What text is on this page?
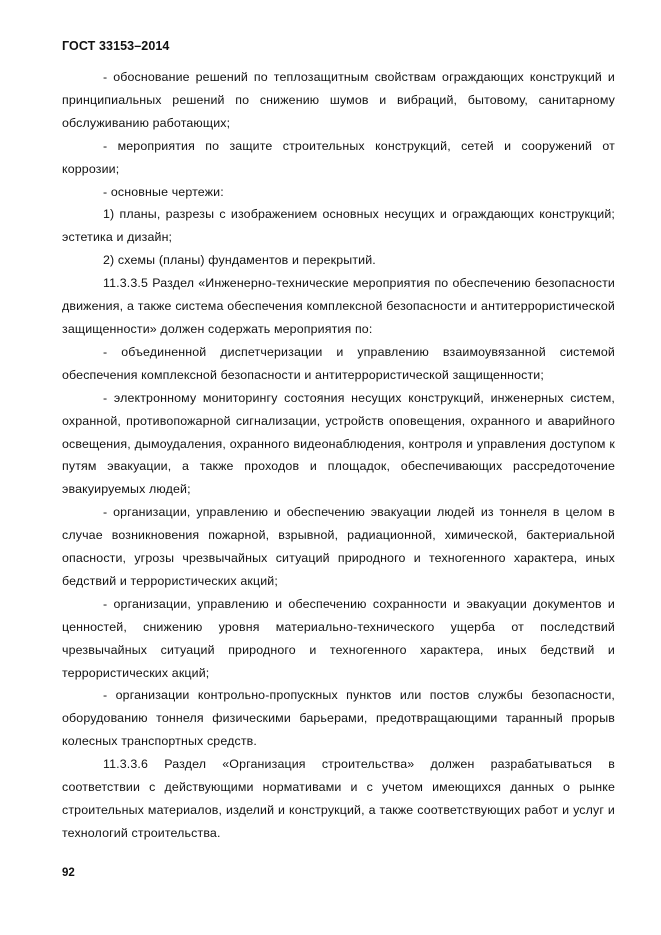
ГОСТ 33153–2014

- обоснование решений по теплозащитным свойствам ограждающих конструкций и принципиальных решений по снижению шумов и вибраций, бытовому, санитарному обслуживанию работающих;

- мероприятия по защите строительных конструкций, сетей и сооружений от коррозии;

- основные чертежи:

1) планы, разрезы с изображением основных несущих и ограждающих конструкций; эстетика и дизайн;

2) схемы (планы) фундаментов и перекрытий.

11.3.3.5 Раздел «Инженерно-технические мероприятия по обеспечению безопасности движения, а также система обеспечения комплексной безопасности и антитеррористической защищенности» должен содержать мероприятия по:

- объединенной диспетчеризации и управлению взаимоувязанной системой обеспечения комплексной безопасности и антитеррористической защищенности;

- электронному мониторингу состояния несущих конструкций, инженерных систем, охранной, противопожарной сигнализации, устройств оповещения, охранного и аварийного освещения, дымоудаления, охранного видеонаблюдения, контроля и управления доступом к путям эвакуации, а также проходов и площадок, обеспечивающих рассредоточение эвакуируемых людей;

- организации, управлению и обеспечению эвакуации людей из тоннеля в целом в случае возникновения пожарной, взрывной, радиационной, химической, бактериальной опасности, угрозы чрезвычайных ситуаций природного и техногенного характера, иных бедствий и террористических акций;

- организации, управлению и обеспечению сохранности и эвакуации документов и ценностей, снижению уровня материально-технического ущерба от последствий чрезвычайных ситуаций природного и техногенного характера, иных бедствий и террористических акций;

- организации контрольно-пропускных пунктов или постов службы безопасности, оборудованию тоннеля физическими барьерами, предотвращающими таранный прорыв колесных транспортных средств.

11.3.3.6 Раздел «Организация строительства» должен разрабатываться в соответствии с действующими нормативами и с учетом имеющихся данных о рынке строительных материалов, изделий и конструкций, а также соответствующих работ и услуг и технологий строительства.

92
